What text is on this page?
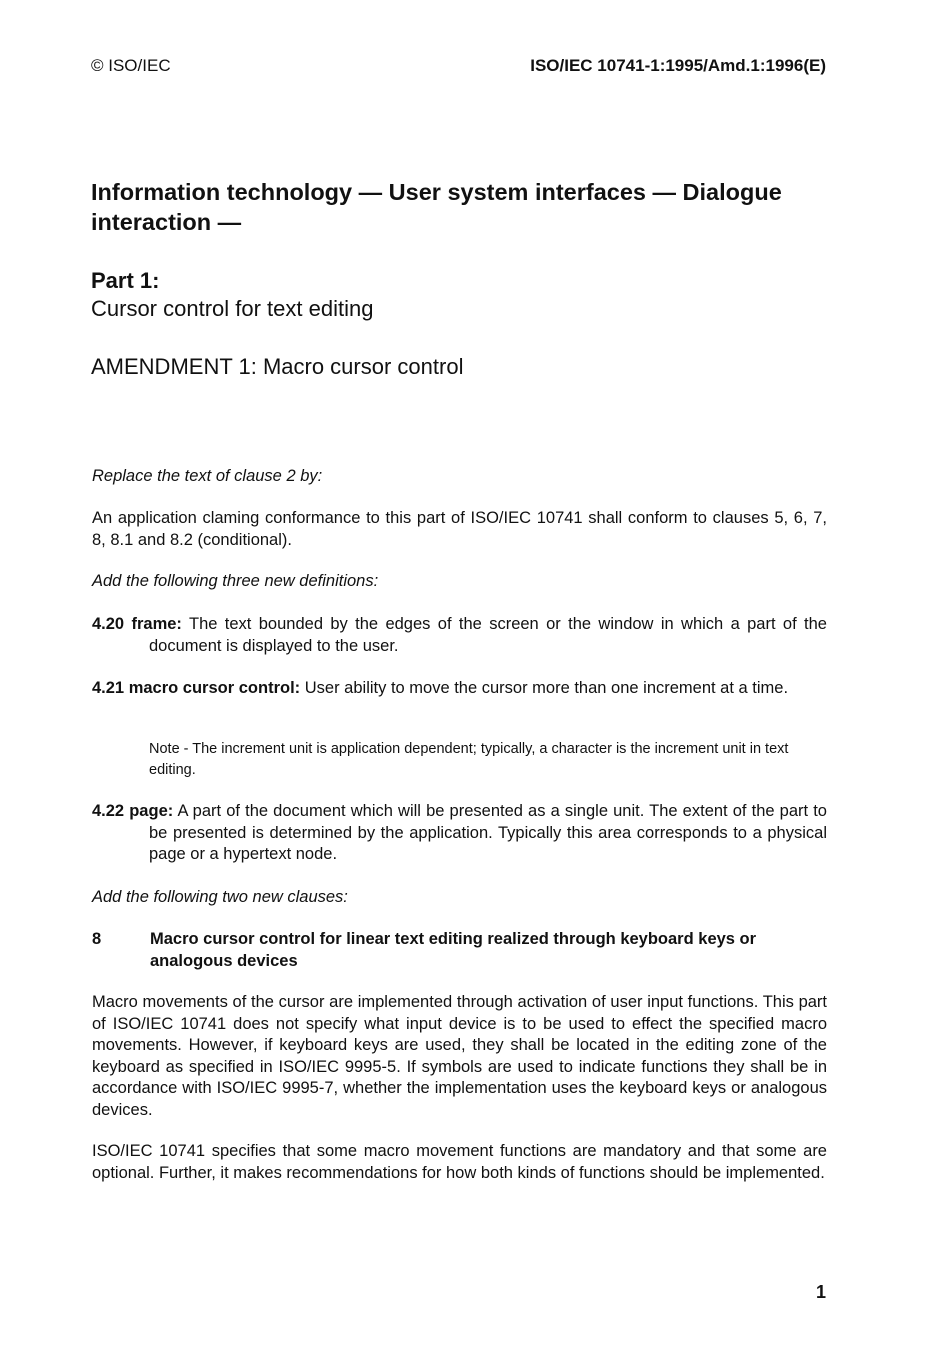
© ISO/IEC	ISO/IEC 10741-1:1995/Amd.1:1996(E)
Information technology — User system interfaces — Dialogue interaction —
Part 1:
Cursor control for text editing
AMENDMENT 1: Macro cursor control
Replace the text of clause 2 by:
An application claming conformance to this part of ISO/IEC 10741 shall conform to clauses 5, 6, 7, 8, 8.1 and 8.2 (conditional).
Add the following three new definitions:
4.20 frame: The text bounded by the edges of the screen or the window in which a part of the document is displayed to the user.
4.21 macro cursor control: User ability to move the cursor more than one increment at a time.
Note - The increment unit is application dependent; typically, a character is the increment unit in text editing.
4.22 page: A part of the document which will be presented as a single unit. The extent of the part to be presented is determined by the application. Typically this area corresponds to a physical page or a hypertext node.
Add the following two new clauses:
8	Macro cursor control for linear text editing realized through keyboard keys or analogous devices
Macro movements of the cursor are implemented through activation of user input functions. This part of ISO/IEC 10741 does not specify what input device is to be used to effect the specified macro movements. However, if keyboard keys are used, they shall be located in the editing zone of the keyboard as specified in ISO/IEC 9995-5. If symbols are used to indicate functions they shall be in accordance with ISO/IEC 9995-7, whether the implementation uses the keyboard keys or analogous devices.
ISO/IEC 10741 specifies that some macro movement functions are mandatory and that some are optional. Further, it makes recommendations for how both kinds of functions should be implemented.
1
